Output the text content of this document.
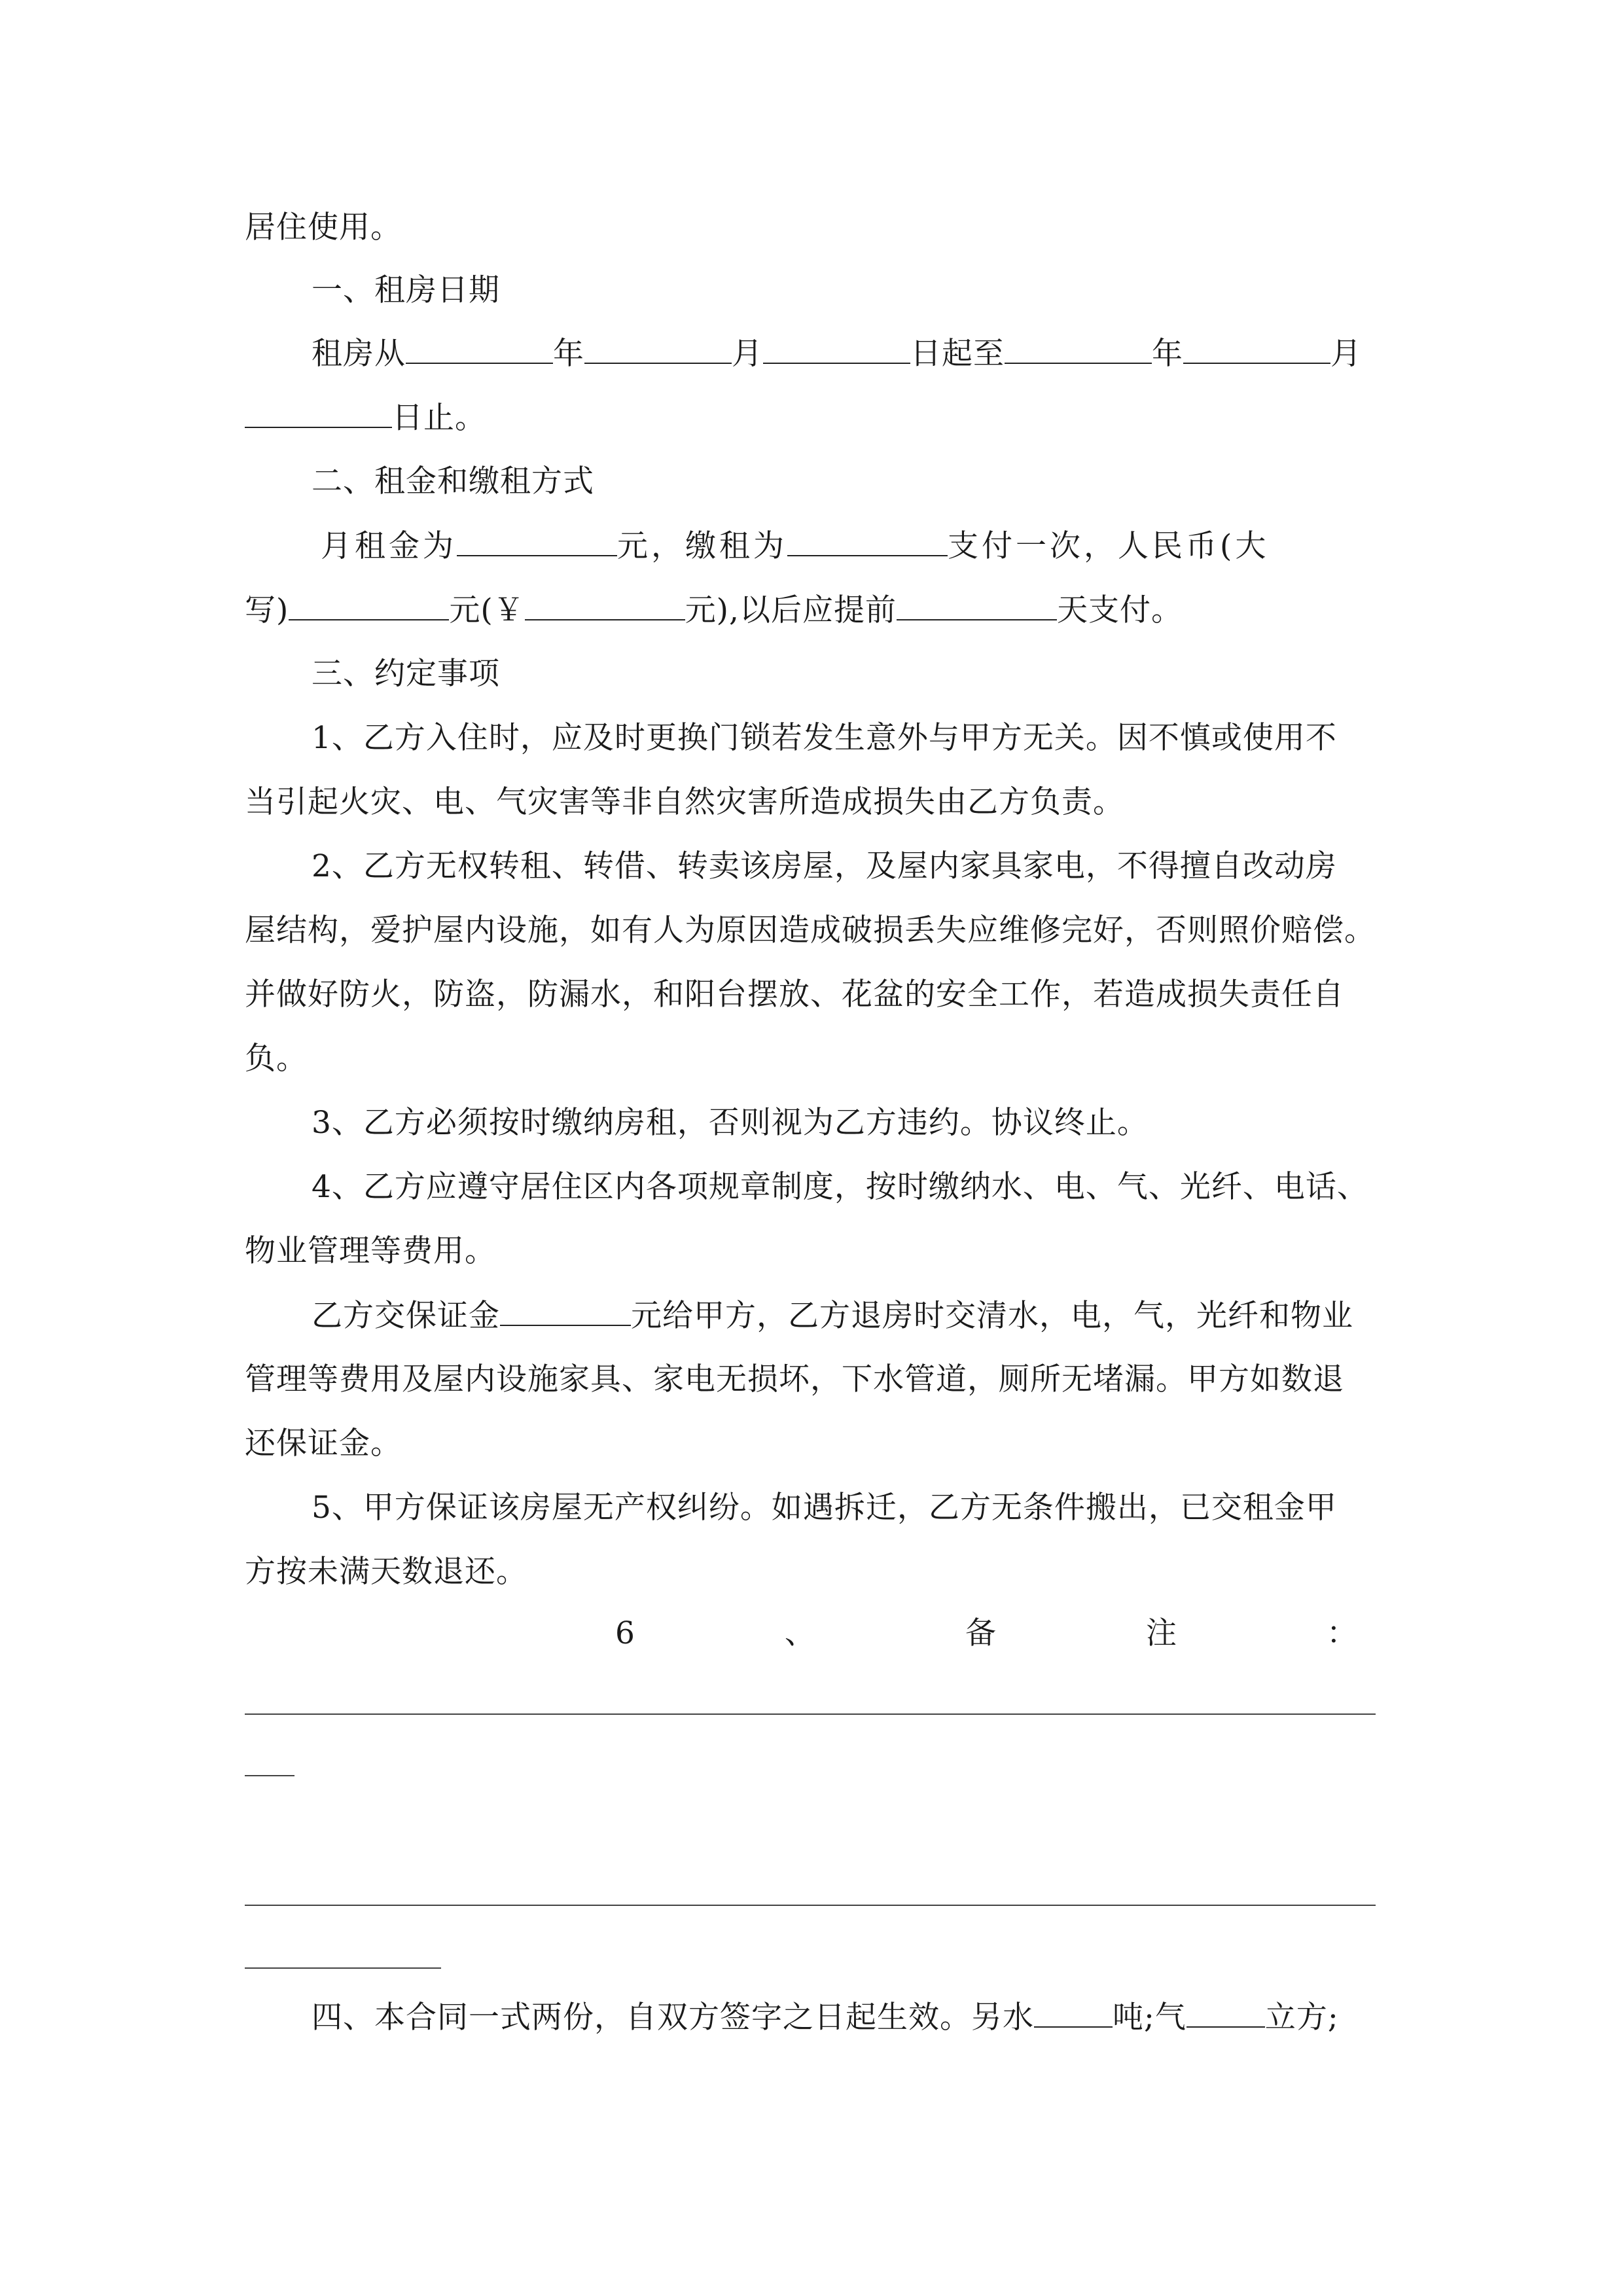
居住使用。
一、租房日期
租房从	年	月	日起至	年	月
日止。
二、租金和缴租方式
月租金为	元，缴租为	支付一次，人民币(大
写)	元(￥	元),以后应提前	天支付。
三、约定事项
1、乙方入住时，应及时更换门锁若发生意外与甲方无关。因不慎或使用不
当引起火灾、电、气灾害等非自然灾害所造成损失由乙方负责。
2、乙方无权转租、转借、转卖该房屋，及屋内家具家电，不得擅自改动房
屋结构，爱护屋内设施，如有人为原因造成破损丢失应维修完好，否则照价赔偿。
并做好防火，防盗，防漏水，和阳台摆放、花盆的安全工作，若造成损失责任自
负。
3、乙方必须按时缴纳房租，否则视为乙方违约。协议终止。
4、乙方应遵守居住区内各项规章制度，按时缴纳水、电、气、光纤、电话、
物业管理等费用。
乙方交保证金	元给甲方，乙方退房时交清水，电，气，光纤和物业
管理等费用及屋内设施家具、家电无损坏，下水管道，厕所无堵漏。甲方如数退
还保证金。
5、甲方保证该房屋无产权纠纷。如遇拆迁，乙方无条件搬出，已交租金甲
方按未满天数退还。
6	、	备	注	：
四、本合同一式两份，自双方签字之日起生效。另水	吨;气	立方;
